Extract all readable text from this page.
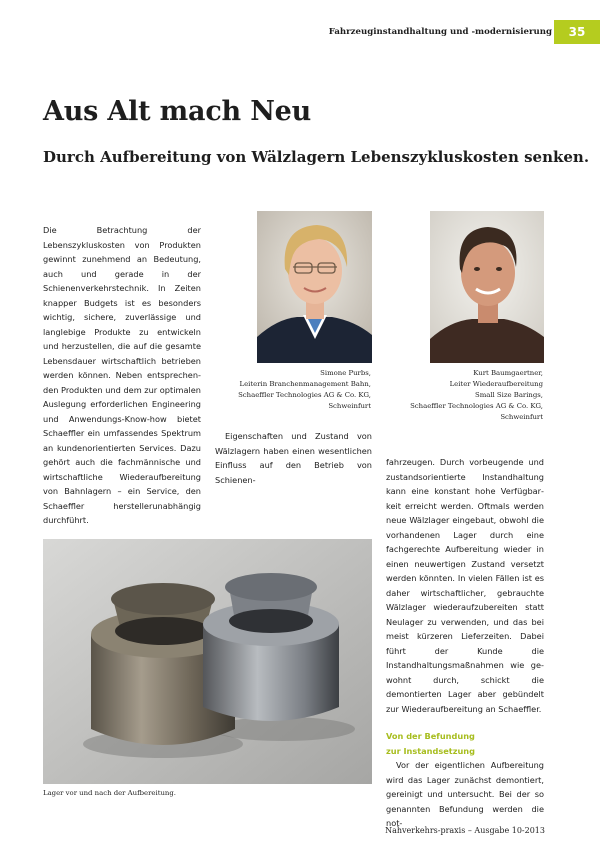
Fahrzeuginstandhaltung und -modernisierung	35
Aus Alt mach Neu
Durch Aufbereitung von Wälzlagern Lebenszykluskosten senken.

Die Betrachtung der Lebenszykluskosten von Produkten gewinnt zunehmend an Bedeutung, auch und gerade in der Schienenverkehrstechnik. In Zeiten knapper Budgets ist es besonders wichtig, sichere, zuverlässige und langlebige Produkte zu entwickeln und herzustellen, die auf die gesamte Lebensdauer wirtschaftlich betrieben werden können. Neben entsprechenden Produkten und dem zur optimalen Auslegung erforderlichen Engineering und Anwendungs-Know-how bietet Schaeffler ein umfassendes Spektrum an kundenorientierten Services. Dazu gehört auch die fachmännische und wirtschaftliche Wiederaufbereitung von Bahnlagern – ein Service, den Schaeffler herstellerunabhängig durchführt.

Simone Purbs,
Leiterin Branchenmanagement Bahn,
Schaeffler Technologies AG & Co. KG,
Schweinfurt
Kurt Baumgaertner,
Leiter Wiederaufbereitung
Small Size Barings,
Schaeffler Technologies AG & Co. KG,
Schweinfurt

Eigenschaften und Zustand von Wälzlagern haben einen wesentlichen Einfluss auf den Betrieb von Schienen-

Lager vor und nach der Aufbereitung.

fahrzeugen. Durch vorbeugende und zustandsorientierte Instandhaltung kann eine konstant hohe Verfügbarkeit erreicht werden. Oftmals werden neue Wälzlager eingebaut, obwohl die vorhandenen Lager durch eine fachgerechte Aufbereitung wieder in einen neuwertigen Zustand versetzt werden könnten. In vielen Fällen ist es daher wirtschaftlicher, gebrauchte Wälzlager wiederaufzubereiten statt Neulager zu verwenden, und das bei meist kürzeren Lieferzeiten. Dabei führt der Kunde die Instandhaltungsmaßnahmen wie gewohnt durch, schickt die demontierten Lager aber gebündelt zur Wiederaufbereitung an Schaeffler.

Von der Befundung
zur Instandsetzung

Vor der eigentlichen Aufbereitung wird das Lager zunächst demontiert, gereinigt und untersucht. Bei der so genannten Befundung werden die not-

Nahverkehrs-praxis – Ausgabe 10-2013
